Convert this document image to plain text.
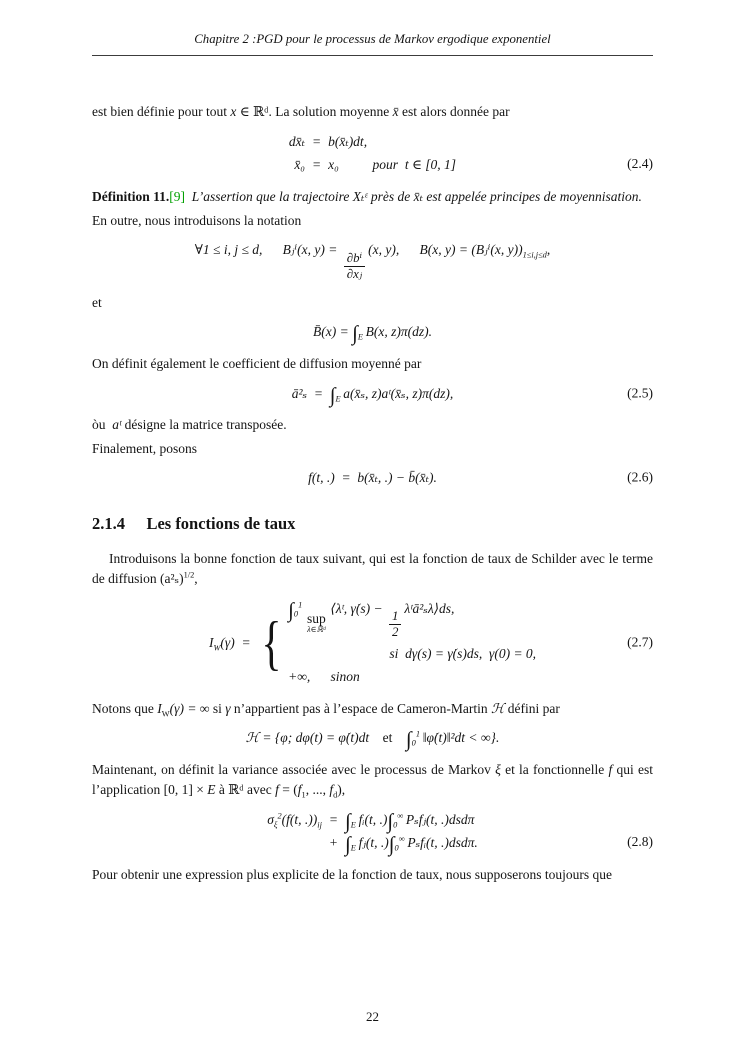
Chapitre 2 :PGD pour le processus de Markov ergodique exponentiel

est bien définie pour tout x ∈ ℝᵈ. La solution moyenne x̄ est alors donnée par

dx̄ₜ = b(x̄ₜ)dt,
x̄₀ = x₀   pour t ∈ [0, 1]	(2.4)

Définition 11.[9] L’assertion que la trajectoire Xₜᵋ près de x̄ₜ est appelée principes de moyennisation.

En outre, nous introduisons la notation

∀1 ≤ i, j ≤ d,  Bⱼⁱ(x, y) =
$\frac{\text{∂bⁱ}}{\text{∂xⱼ}}$
(x, y),  B(x, y) = (Bⱼⁱ(x, $y))_{1\le i,j\le d}$,

et

B̄(x) = $\int_E$ B(x, z)π(dz).

On définit également le coefficient de diffusion moyenné par

ā²ₛ = $\int_E$ a(x̄ₛ, z)aᵗ(x̄ₛ, z)π(dz),	(2.5)

òu aᵗ désigne la matrice transposée.

Finalement, posons

f(t, .) = b(x̄ₜ, .) − b̄(x̄ₜ).	(2.6)
2.1.4 Les fonctions de taux

Introduisons la bonne fonction de taux suivant, qui est la fonction de taux de Schilder avec le terme de diffusion $(a^2_s)^{1/2}$,

$I_W(\gamma)$ =  {
$\int_0^1$ 
sup
λ∈ℝᵈ
 ⟨λᵗ, γ̇(s) −
$\frac{1}{2}$
λᵗā²ₛλ⟩ds,
si dγ(s) = γ̇(s)ds, γ(0) = 0,
+∞,  sinon
(2.7)

Notons que $I_W(\gamma)$ = ∞ si γ n’appartient pas à l’espace de Cameron-Martin ℋ défini par

ℋ = {φ; dφ(t) = φ̇(t)dt et  $\int_0^1$ ‖φ̇(t)‖²dt < ∞}.

Maintenant, on définit la variance associée avec le processus de Markov ξ et la fonctionnelle f qui est l’application [0, 1] × E à ℝᵈ avec $f = (f_1$, ..., $f_d$),

$\sigma_\xi^2(f(t$, $.))_{ij} = \int_E$ fᵢ(t, $.)\int_0^\infty$ Pₛfⱼ(t, .)dsdπ
+ $\int_E$ fⱼ(t, $.)\int_0^\infty$ Pₛfᵢ(t, .)dsdπ.	(2.8)

Pour obtenir une expression plus explicite de la fonction de taux, nous supposerons toujours que

22
